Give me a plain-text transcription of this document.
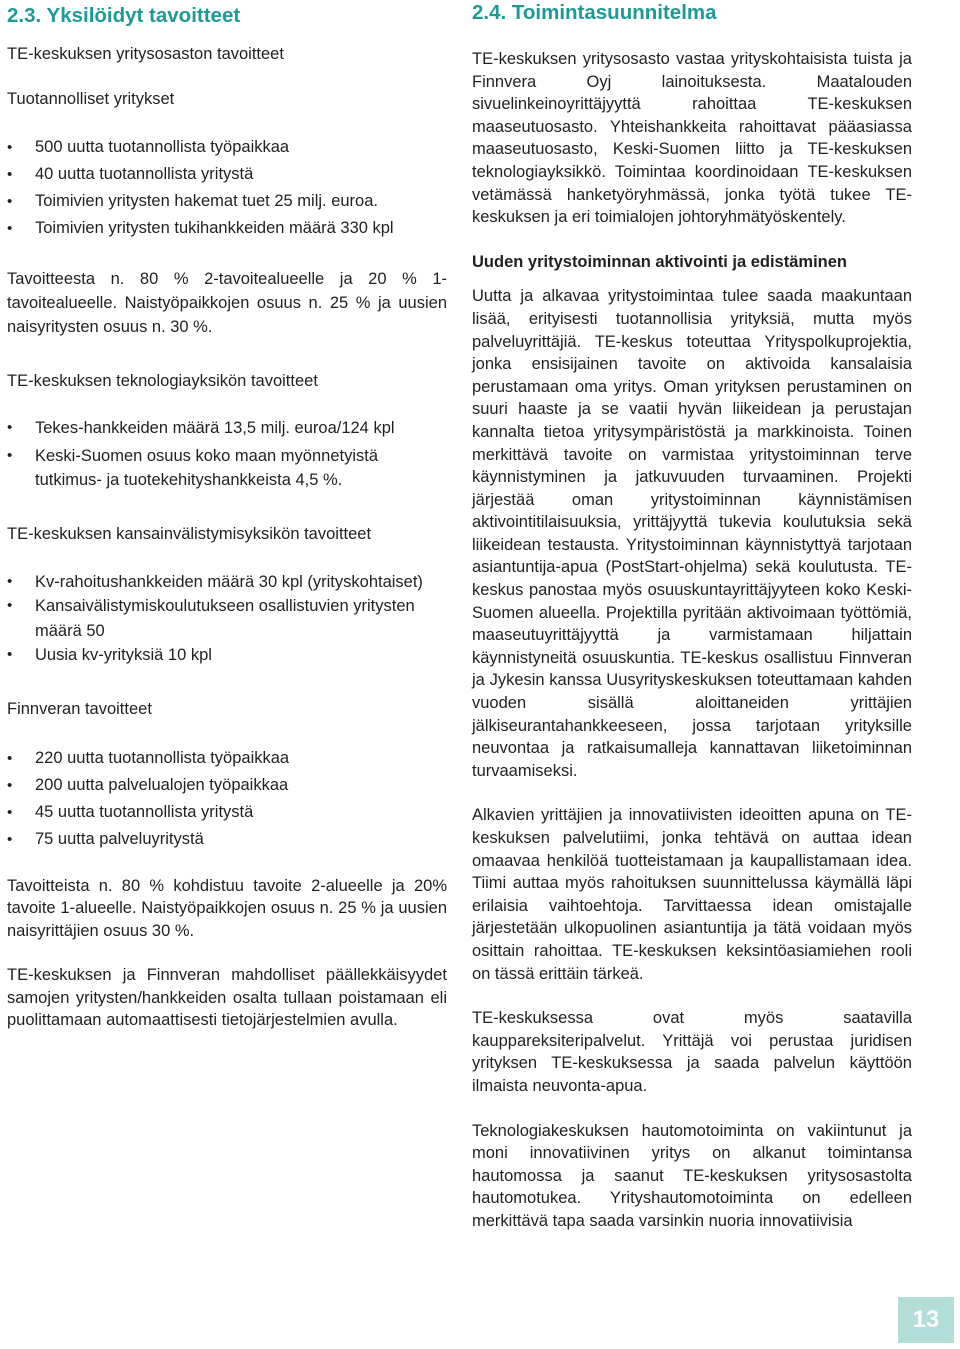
2.3. Yksilöidyt tavoitteet

TE-keskuksen yritysosaston tavoitteet

Tuotannolliset yritykset

• 500 uutta tuotannollista työpaikkaa
• 40 uutta tuotannollista yritystä
• Toimivien yritysten hakemat tuet 25 milj. euroa.
• Toimivien yritysten tukihankkeiden määrä 330 kpl

Tavoitteesta n. 80 % 2-tavoitealueelle ja 20 % 1-tavoitealueelle. Naistyöpaikkojen osuus n. 25 % ja uusien naisyritysten osuus n. 30 %.

TE-keskuksen teknologiayksikön tavoitteet

• Tekes-hankkeiden määrä 13,5 milj. euroa/124 kpl
• Keski-Suomen osuus koko maan myönnetyistä tutkimus- ja tuotekehityshankkeista 4,5 %.

TE-keskuksen kansainvälistymisyksikön tavoitteet

• Kv-rahoitushankkeiden määrä 30 kpl (yrityskohtaiset)
• Kansaivälistymiskoulutukseen osallistuvien yritysten määrä 50
• Uusia kv-yrityksiä 10 kpl

Finnveran tavoitteet

• 220 uutta tuotannollista työpaikkaa
• 200 uutta palvelualojen työpaikkaa
• 45 uutta tuotannollista yritystä
• 75 uutta palveluyritystä

Tavoitteista n. 80 % kohdistuu tavoite 2-alueelle ja 20% tavoite 1-alueelle. Naistyöpaikkojen osuus n. 25 % ja uusien naisyrittäjien osuus 30 %.

TE-keskuksen ja Finnveran mahdolliset päällekkäisyydet samojen yritysten/hankkeiden osalta tullaan poistamaan eli puolittamaan automaattisesti tietojärjestelmien avulla.

2.4. Toimintasuunnitelma

TE-keskuksen yritysosasto vastaa yrityskohtaisista tuista ja Finnvera Oyj lainoituksesta. Maatalouden sivuelinkeinoyrittäjyyttä rahoittaa TE-keskuksen maaseutuosasto. Yhteishankkeita rahoittavat pääasiassa maaseutuosasto, Keski-Suomen liitto ja TE-keskuksen teknologiayksikkö. Toimintaa koordinoidaan TE-keskuksen vetämässä hanketyöryhmässä, jonka työtä tukee TE-keskuksen ja eri toimialojen johtoryhmätyöskentely.

Uuden yritystoiminnan aktivointi ja edistäminen

Uutta ja alkavaa yritystoimintaa tulee saada maakuntaan lisää, erityisesti tuotannollisia yrityksiä, mutta myös palveluyrittäjiä. TE-keskus toteuttaa Yrityspolkuprojektia, jonka ensisijainen tavoite on aktivoida kansalaisia perustamaan oma yritys. Oman yrityksen perustaminen on suuri haaste ja se vaatii hyvän liikeidean ja perustajan kannalta tietoa yritysympäristöstä ja markkinoista. Toinen merkittävä tavoite on varmistaa yritystoiminnan terve käynnistyminen ja jatkuvuuden turvaaminen. Projekti järjestää oman yritystoiminnan käynnistämisen aktivointitilaisuuksia, yrittäjyyttä tukevia koulutuksia sekä liikeidean testausta. Yritystoiminnan käynnistyttyä tarjotaan asiantuntija-apua (PostStart-ohjelma) sekä koulutusta. TE-keskus panostaa myös osuuskuntayrittäjyyteen koko Keski-Suomen alueella. Projektilla pyritään aktivoimaan työttömiä, maaseutuyrittäjyyttä ja varmistamaan hiljattain käynnistyneitä osuuskuntia. TE-keskus osallistuu Finnveran ja Jykesin kanssa Uusyrityskeskuksen toteuttamaan kahden vuoden sisällä aloittaneiden yrittäjien jälkiseurantahankkeeseen, jossa tarjotaan yrityksille neuvontaa ja ratkaisumalleja kannattavan liiketoiminnan turvaamiseksi.

Alkavien yrittäjien ja innovatiivisten ideoitten apuna on TE-keskuksen palvelutiimi, jonka tehtävä on auttaa idean omaavaa henkilöä tuotteistamaan ja kaupallistamaan idea. Tiimi auttaa myös rahoituksen suunnittelussa käymällä läpi erilaisia vaihtoehtoja. Tarvittaessa idean omistajalle järjestetään ulkopuolinen asiantuntija ja tätä voidaan myös osittain rahoittaa. TE-keskuksen keksintöasiamiehen rooli on tässä erittäin tärkeä.

TE-keskuksessa ovat myös saatavilla kauppareksiteripalvelut. Yrittäjä voi perustaa juridisen yrityksen TE-keskuksessa ja saada palvelun käyttöön ilmaista neuvonta-apua.

Teknologiakeskuksen hautomotoiminta on vakiintunut ja moni innovatiivinen yritys on alkanut toimintansa hautomossa ja saanut TE-keskuksen yritysosastolta hautomotukea. Yrityshautomotoiminta on edelleen merkittävä tapa saada varsinkin nuoria innovatiivisia

13
